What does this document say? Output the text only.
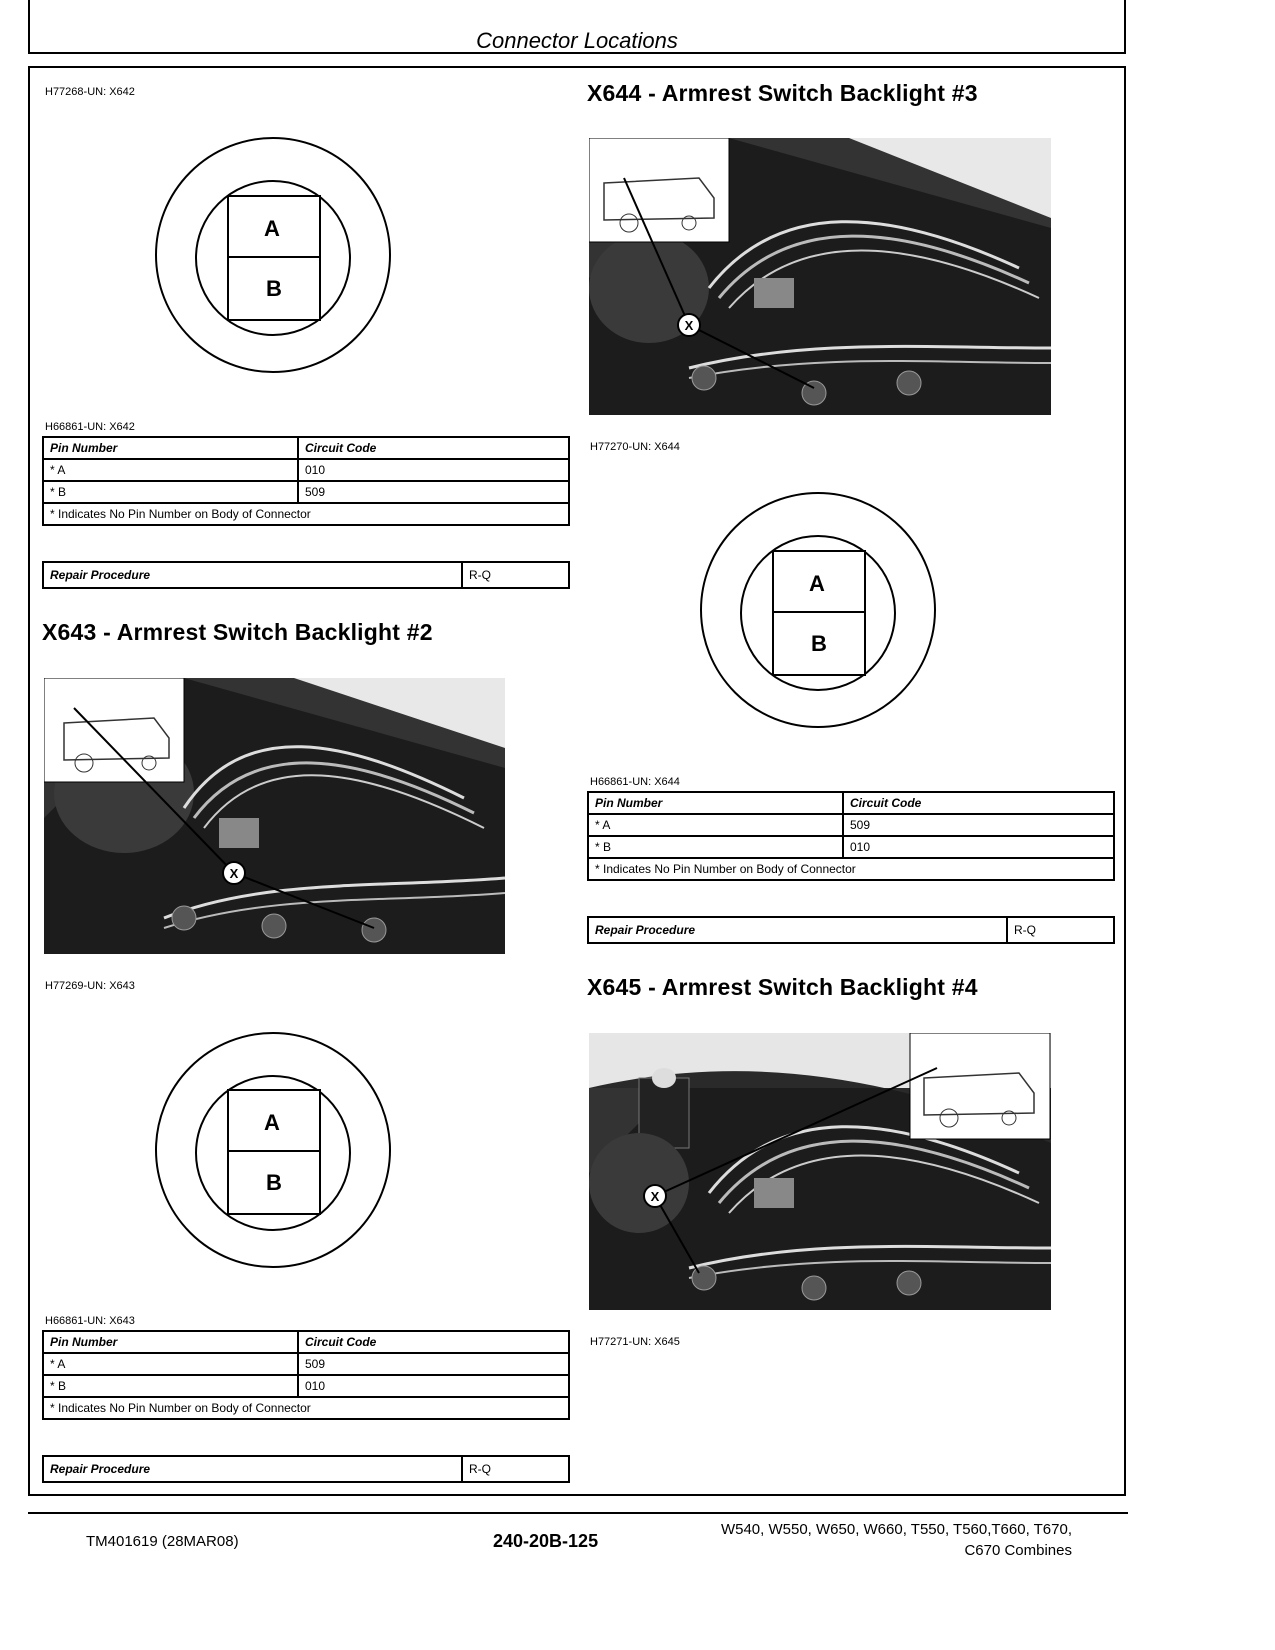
Connector Locations
H77268-UN: X642
A
B
H66861-UN: X642
Pin Number	Circuit Code
* A	010
* B	509
* Indicates No Pin Number on Body of Connector	
Repair Procedure	R-Q
X643 - Armrest Switch Backlight #2
X
H77269-UN: X643
A
B
H66861-UN: X643
Pin Number	Circuit Code
* A	509
* B	010
* Indicates No Pin Number on Body of Connector	
Repair Procedure	R-Q
X644 - Armrest Switch Backlight #3
X
H77270-UN: X644
A
B
H66861-UN: X644
Pin Number	Circuit Code
* A	509
* B	010
* Indicates No Pin Number on Body of Connector	
Repair Procedure	R-Q
X645 - Armrest Switch Backlight #4
X
H77271-UN: X645
TM401619 (28MAR08)	240-20B-125
W540, W550, W650, W660, T550, T560,T660, T670,
C670 Combines
